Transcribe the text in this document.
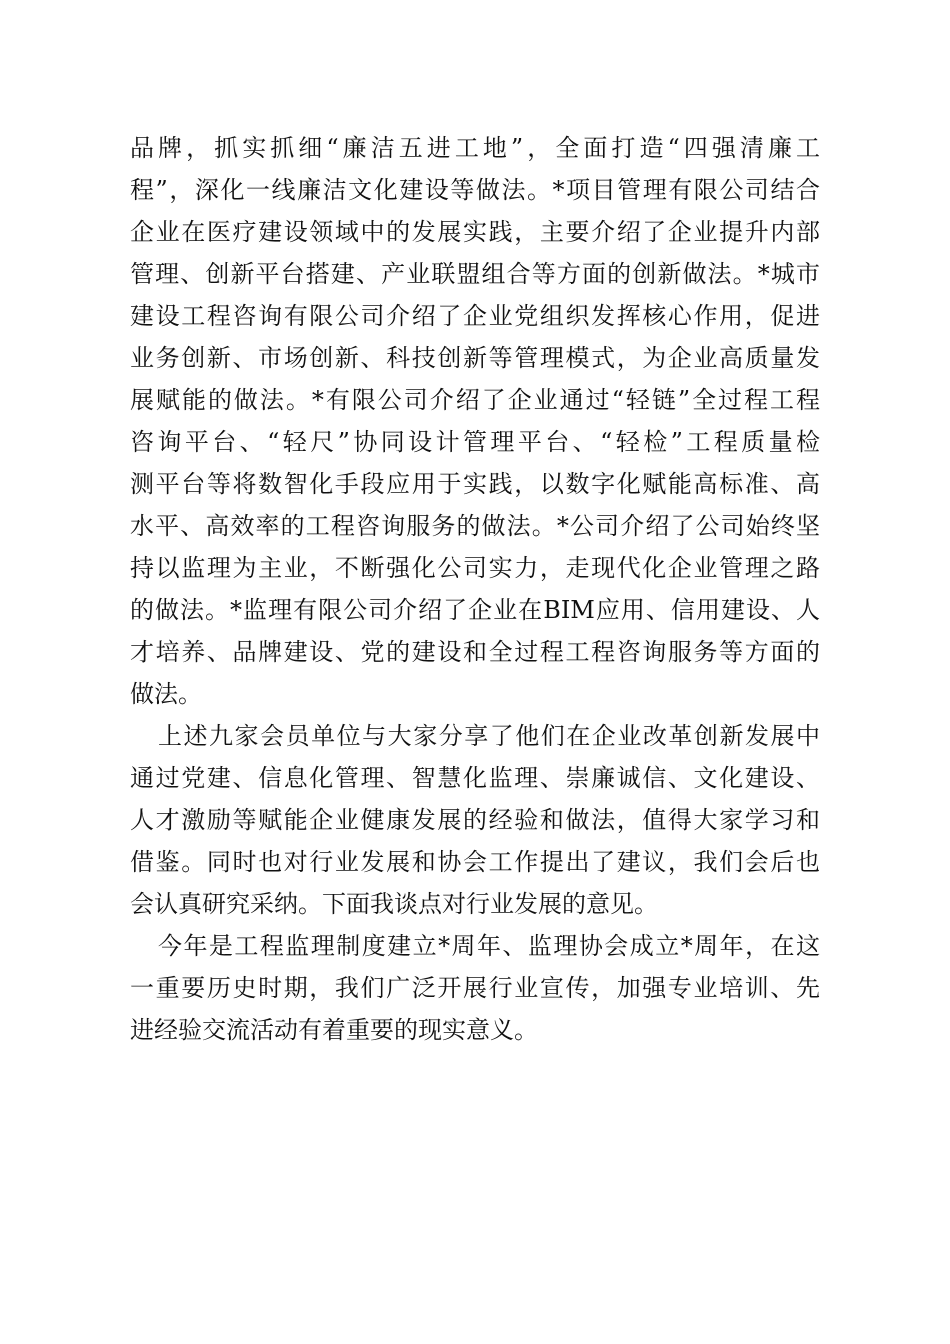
品牌，抓实抓细“廉洁五进工地”，全面打造“四强清廉工
程”，深化一线廉洁文化建设等做法。*项目管理有限公司结合
企业在医疗建设领域中的发展实践，主要介绍了企业提升内部
管理、创新平台搭建、产业联盟组合等方面的创新做法。*城市
建设工程咨询有限公司介绍了企业党组织发挥核心作用，促进
业务创新、市场创新、科技创新等管理模式，为企业高质量发
展赋能的做法。*有限公司介绍了企业通过“轻链”全过程工程
咨询平台、“轻尺”协同设计管理平台、“轻检”工程质量检
测平台等将数智化手段应用于实践，以数字化赋能高标准、高
水平、高效率的工程咨询服务的做法。*公司介绍了公司始终坚
持以监理为主业，不断强化公司实力，走现代化企业管理之路
的做法。*监理有限公司介绍了企业在BIM应用、信用建设、人
才培养、品牌建设、党的建设和全过程工程咨询服务等方面的
做法。
上述九家会员单位与大家分享了他们在企业改革创新发展中
通过党建、信息化管理、智慧化监理、崇廉诚信、文化建设、
人才激励等赋能企业健康发展的经验和做法，值得大家学习和
借鉴。同时也对行业发展和协会工作提出了建议，我们会后也
会认真研究采纳。下面我谈点对行业发展的意见。
今年是工程监理制度建立*周年、监理协会成立*周年，在这
一重要历史时期，我们广泛开展行业宣传，加强专业培训、先
进经验交流活动有着重要的现实意义。
